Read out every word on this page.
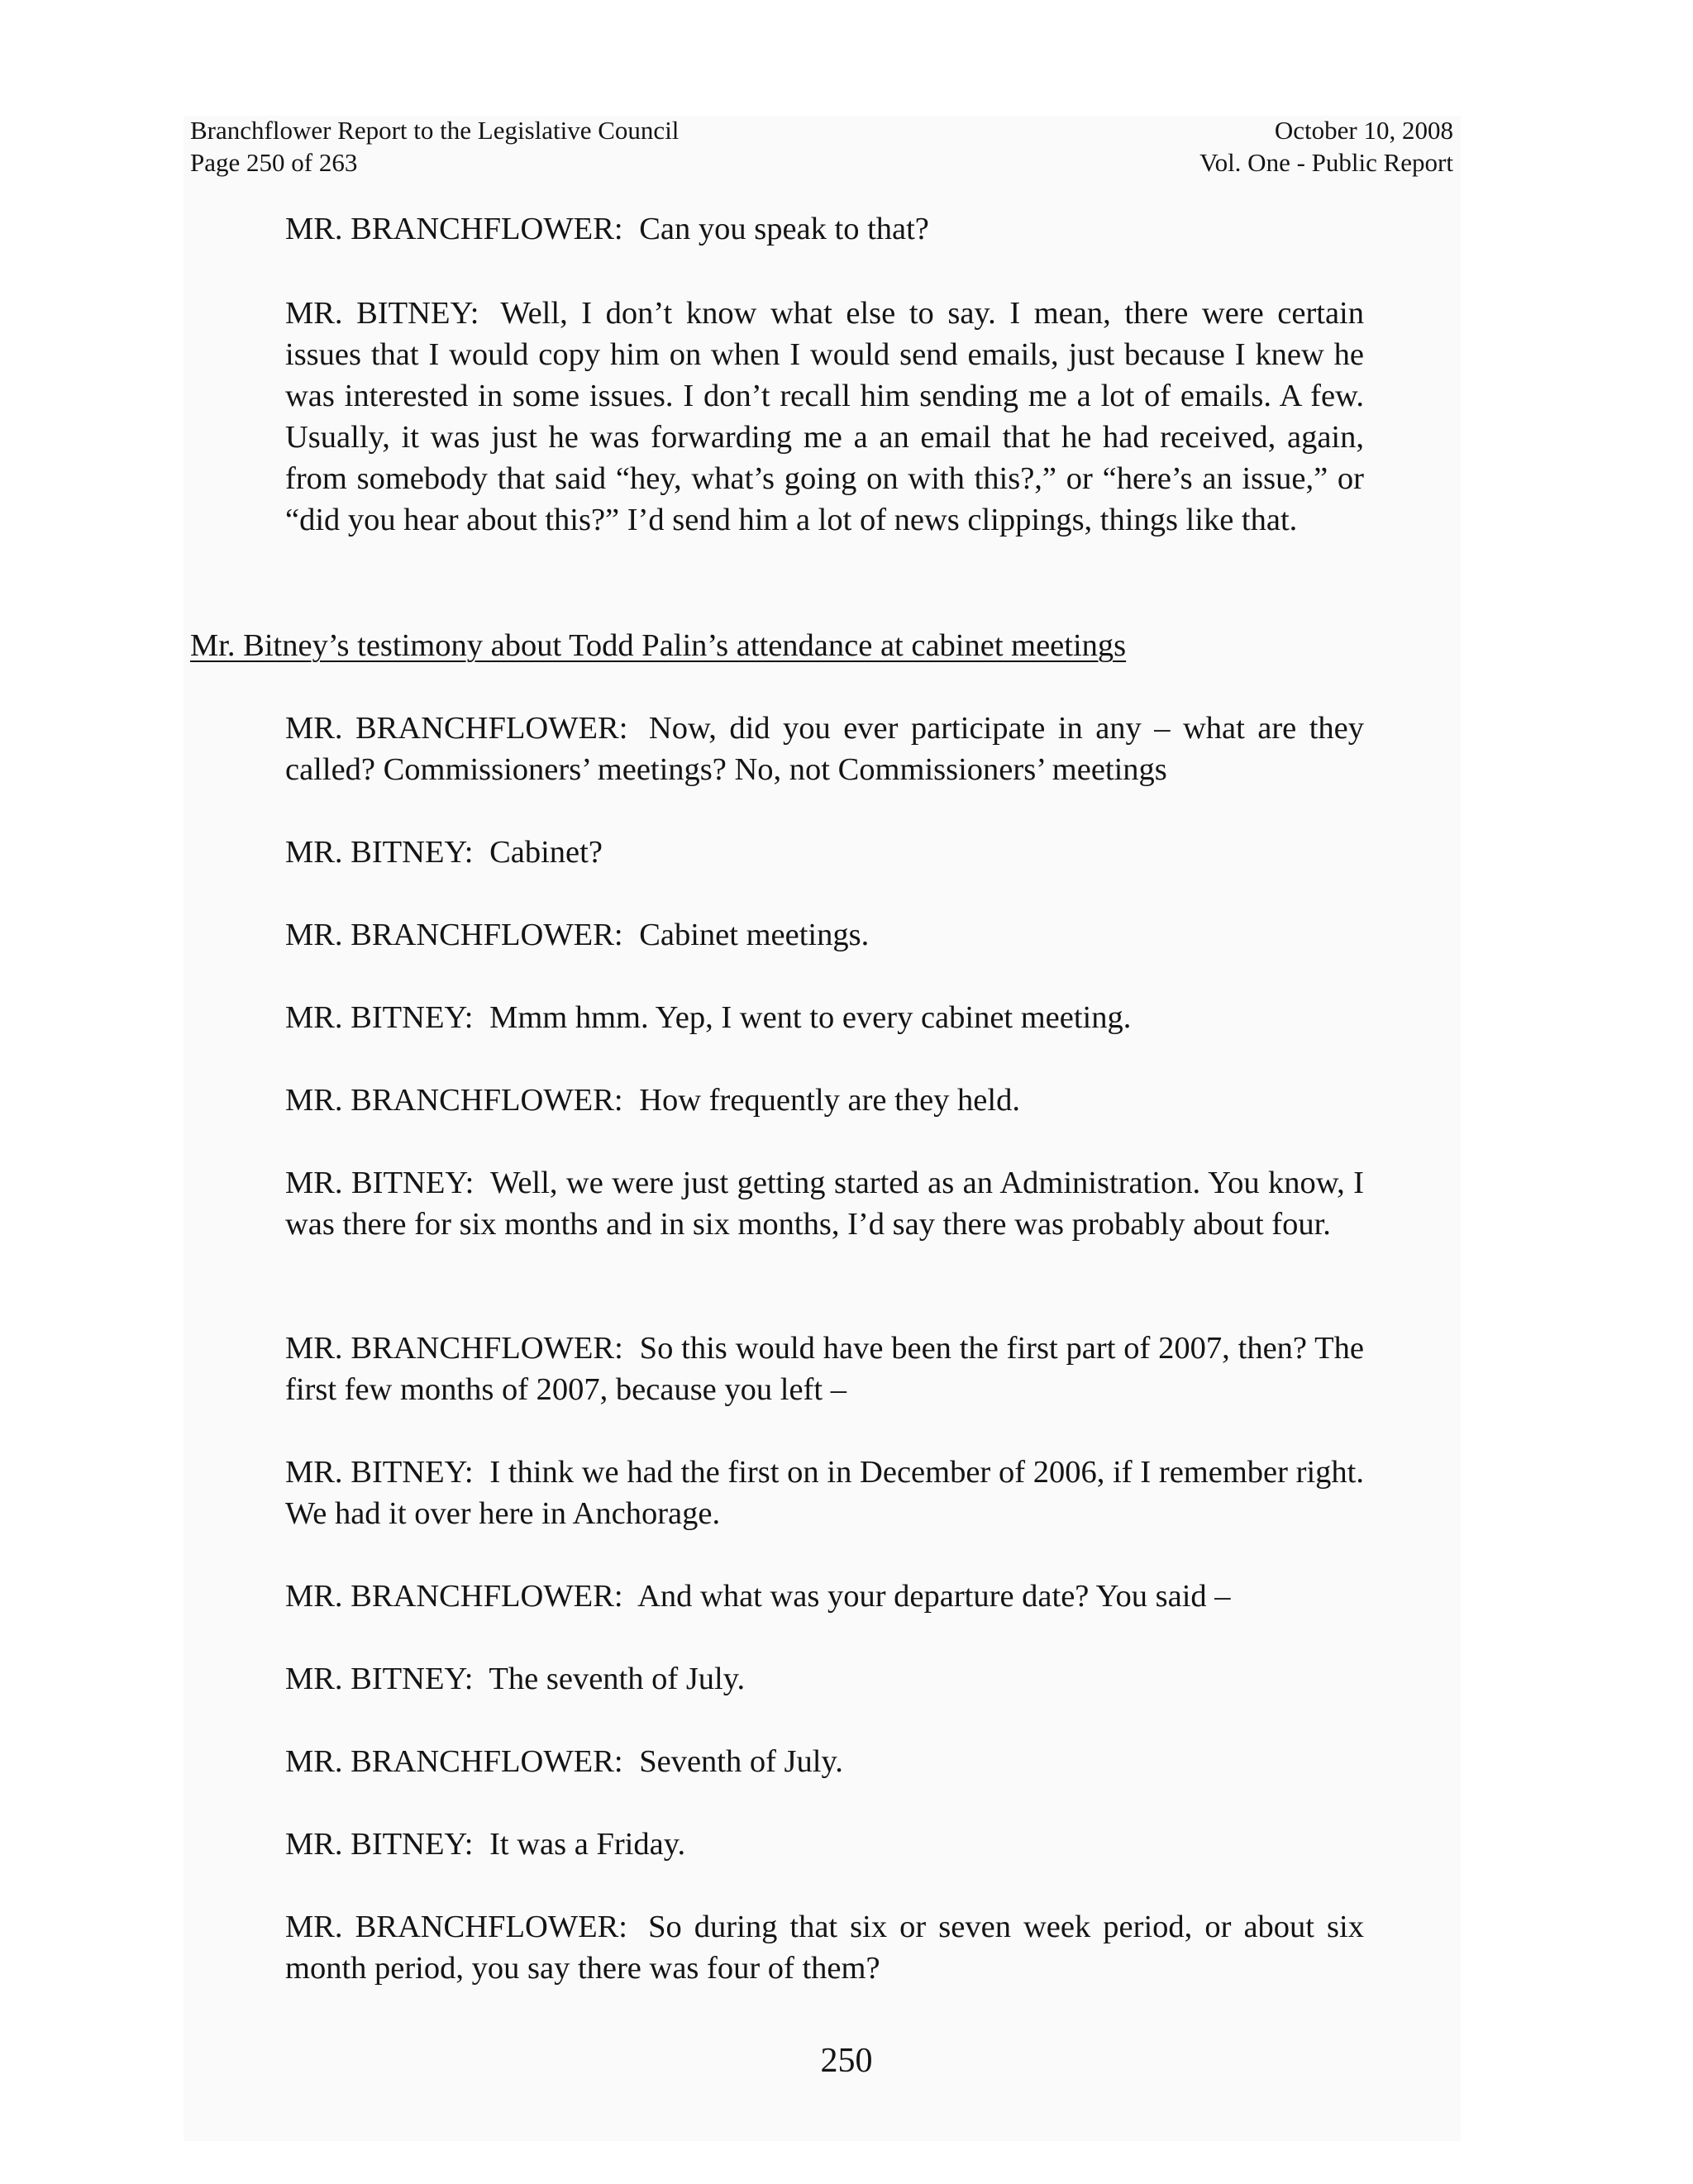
Branchflower Report to the Legislative Council
Page 250 of 263
October 10, 2008
Vol. One - Public Report

MR. BRANCHFLOWER: Can you speak to that?

MR. BITNEY: Well, I don’t know what else to say. I mean, there were certain issues that I would copy him on when I would send emails, just because I knew he was interested in some issues. I don’t recall him sending me a lot of emails. A few. Usually, it was just he was forwarding me a an email that he had received, again, from somebody that said “hey, what’s going on with this?,” or “here’s an issue,” or “did you hear about this?” I’d send him a lot of news clippings, things like that.

Mr. Bitney’s testimony about Todd Palin’s attendance at cabinet meetings

MR. BRANCHFLOWER: Now, did you ever participate in any – what are they called? Commissioners’ meetings? No, not Commissioners’ meetings

MR. BITNEY: Cabinet?

MR. BRANCHFLOWER: Cabinet meetings.

MR. BITNEY: Mmm hmm. Yep, I went to every cabinet meeting.

MR. BRANCHFLOWER: How frequently are they held.

MR. BITNEY: Well, we were just getting started as an Administration. You know, I was there for six months and in six months, I’d say there was probably about four.

MR. BRANCHFLOWER: So this would have been the first part of 2007, then? The first few months of 2007, because you left –

MR. BITNEY: I think we had the first on in December of 2006, if I remember right. We had it over here in Anchorage.

MR. BRANCHFLOWER: And what was your departure date? You said –

MR. BITNEY: The seventh of July.

MR. BRANCHFLOWER: Seventh of July.

MR. BITNEY: It was a Friday.

MR. BRANCHFLOWER: So during that six or seven week period, or about six month period, you say there was four of them?

250
